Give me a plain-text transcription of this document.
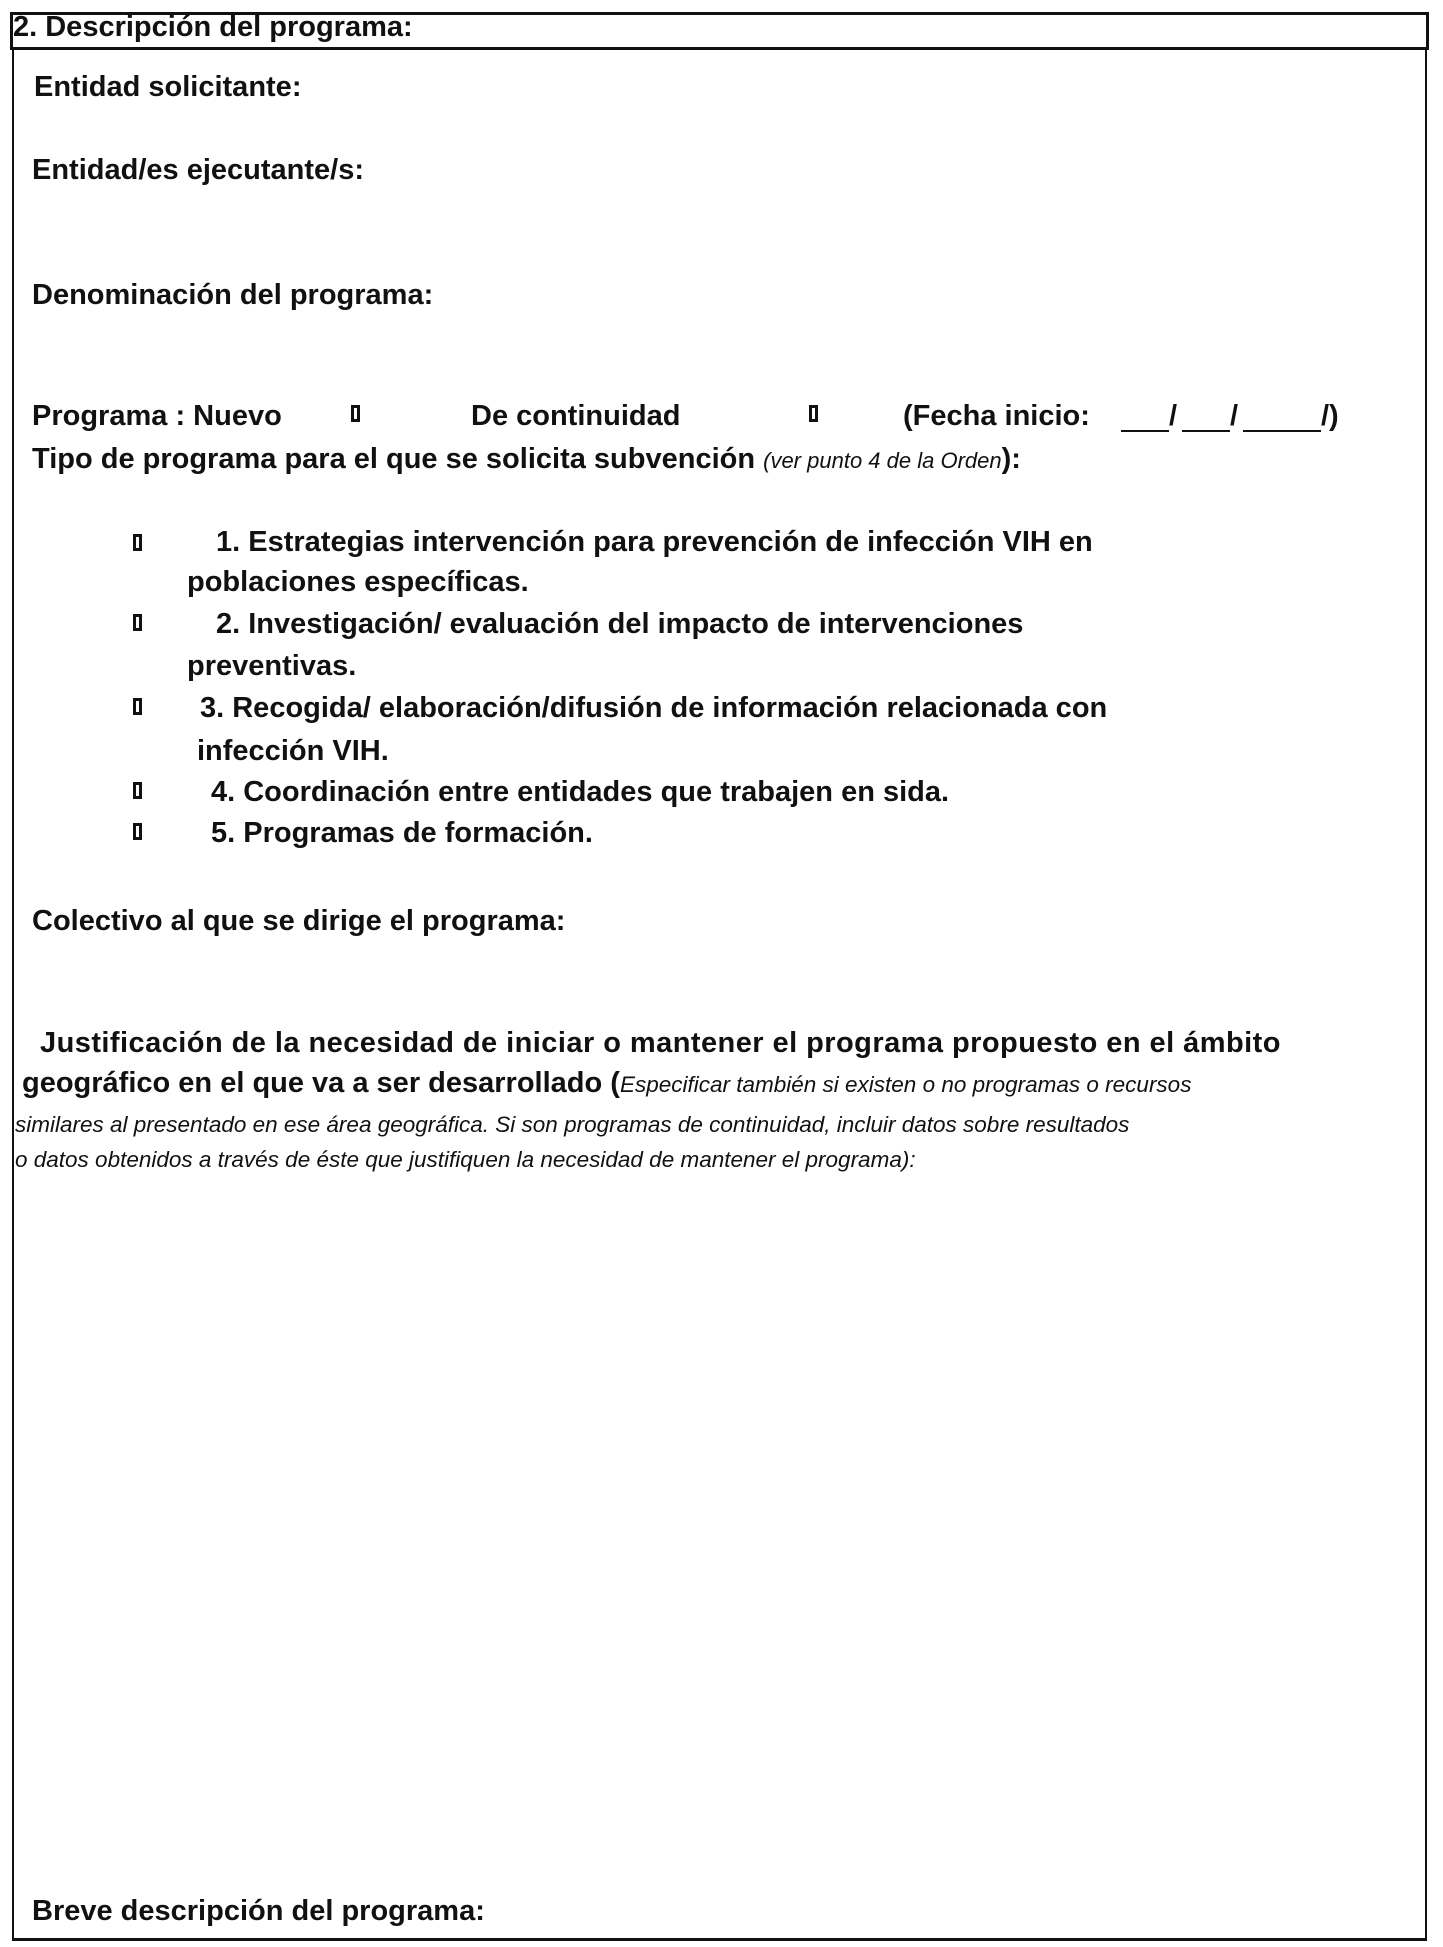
2. Descripción del programa:
Entidad solicitante:
Entidad/es ejecutante/s:
Denominación del programa:
Programa : Nuevo	De continuidad	(Fecha inicio:	/ /	/)
Tipo de programa para el que se solicita subvención (ver punto 4 de la Orden):
1. Estrategias intervención para prevención de infección VIH en
poblaciones específicas.
2. Investigación/ evaluación del impacto de intervenciones
preventivas.
3. Recogida/ elaboración/difusión de información relacionada con
infección VIH.
4. Coordinación entre entidades que trabajen en sida.
5. Programas de formación.
Colectivo al que se dirige el programa:
Justificación de la necesidad de iniciar o mantener el programa propuesto en el ámbito
geográfico en el que va a ser desarrollado (Especificar también si existen o no programas o recursos
similares al presentado en ese área geográfica. Si son programas de continuidad, incluir datos sobre resultados
o datos obtenidos a través de éste que justifiquen la necesidad de mantener el programa):
Breve descripción del programa:
